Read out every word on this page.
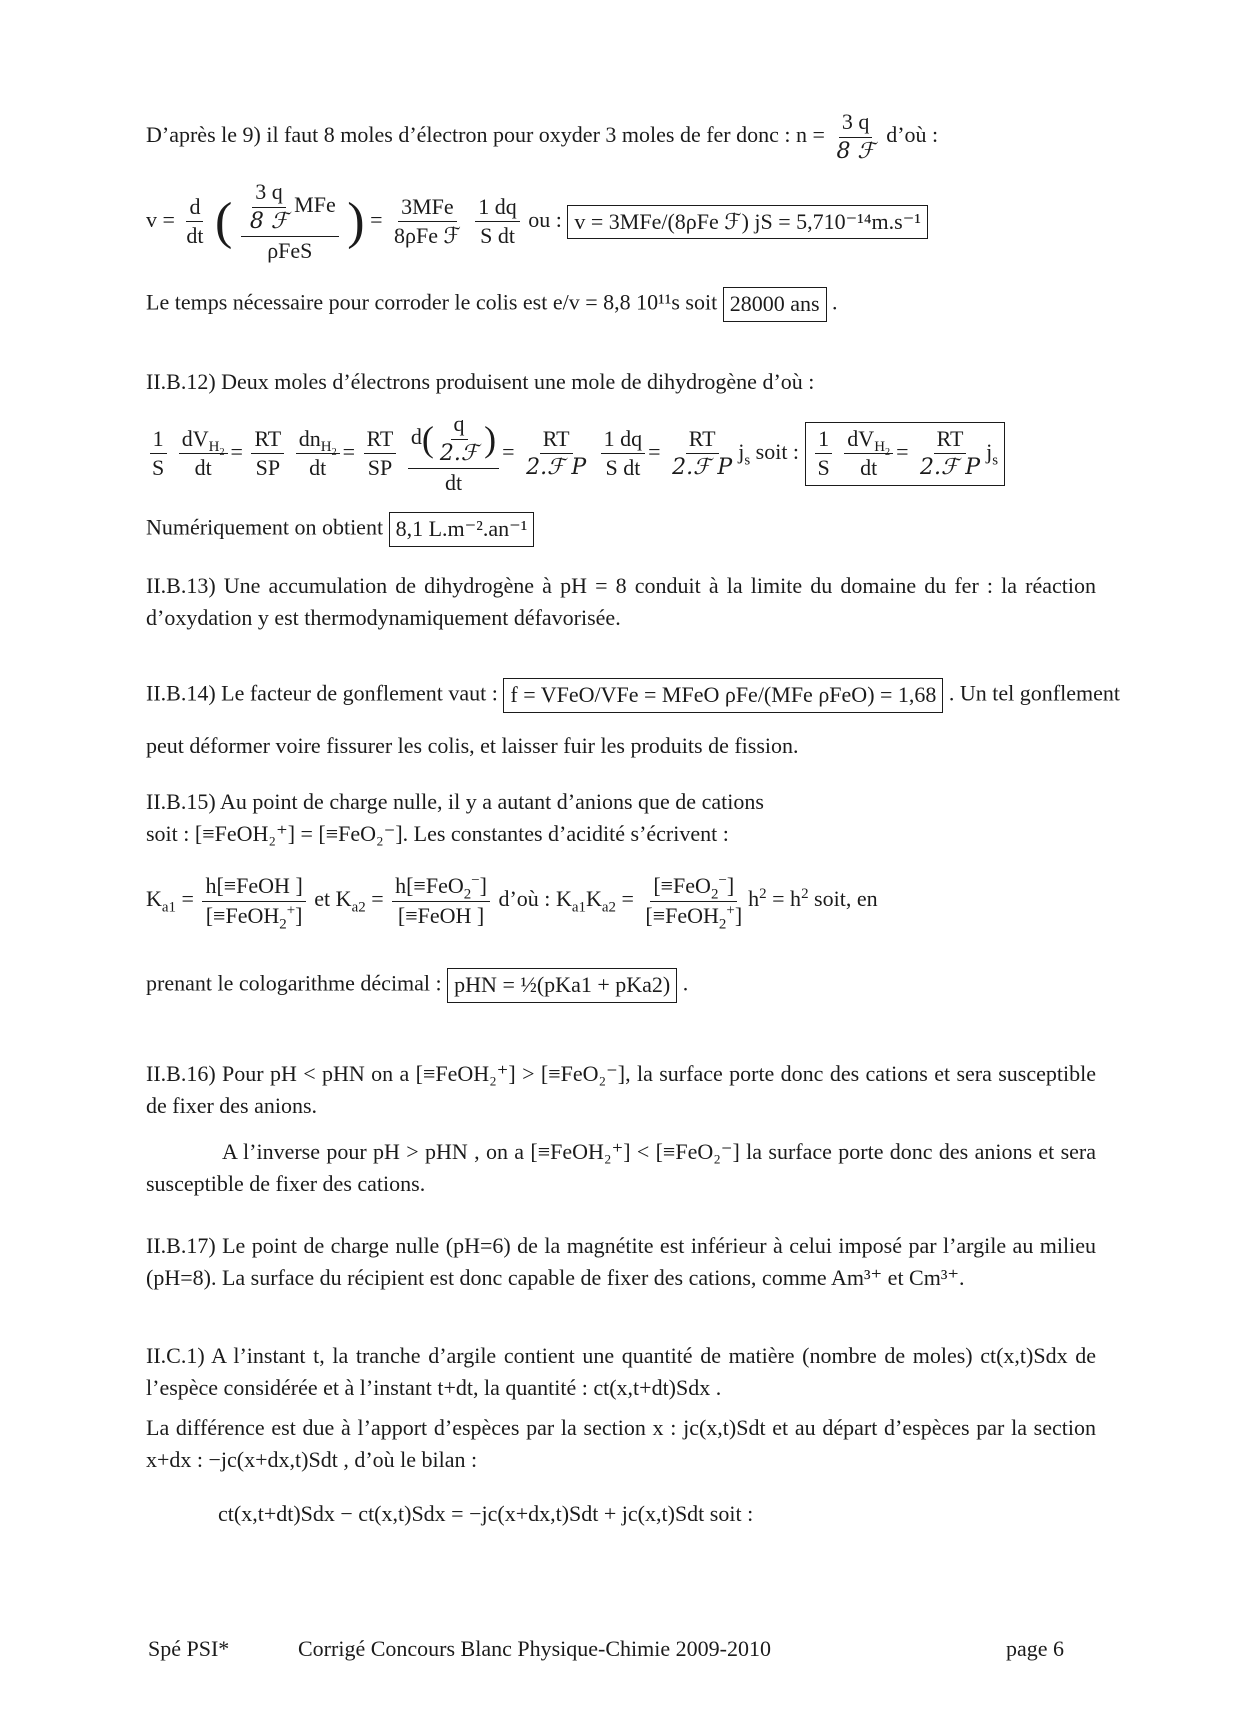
D’après le 9) il faut 8 moles d’électron pour oxyder 3 moles de fer donc : $n = \frac{3 q}{\text{8 ℱ}}$ d’où :
$v = \frac{d}{dt}$ ( $\frac{\frac{3 q}{\text{8 ℱ}} MFe}{\text{ρFeS}}$ ) = $\frac{\text{3MFe}}{\text{8ρFe ℱ}}$
$\frac{1 dq}{\text{S dt}}$ ou : v = 3MFe/(8ρFe ℱ) jS = 5,710⁻¹⁴m.s⁻¹
Le temps nécessaire pour corroder le colis est e/v = 8,8 10¹¹s soit 28000 ans .
II.B.12) Deux moles d’électrons produisent une mole de dihydrogène d’où :
$\frac{1}{S}$
$\frac{dV_{H_2}}{dt} = \frac{RT}{SP}$
$\frac{dn_{H_2}}{dt} = \frac{RT}{SP}$
$\frac{d( \frac{q}{\text{2.ℱ}} )}{dt} = \frac{RT}{\text{2.ℱ P}}$
$\frac{1 dq}{\text{S dt}} = \frac{RT}{\text{2.ℱ P}} j_s$ soit : $\frac{1}{S}$
$\frac{dV_{H_2}}{dt} = \frac{RT}{\text{2.ℱ P}} j_s$
Numériquement on obtient 8,1 L.m⁻².an⁻¹
II.B.13) Une accumulation de dihydrogène à pH = 8 conduit à la limite du domaine du fer : la réaction d’oxydation y est thermodynamiquement défavorisée.
II.B.14) Le facteur de gonflement vaut : f = VFeO/VFe = MFeO ρFe/(MFe ρFeO) = 1,68 . Un tel gonflement
peut déformer voire fissurer les colis, et laisser fuir les produits de fission.
II.B.15) Au point de charge nulle, il y a autant d’anions que de cations
soit : [≡FeOH₂⁺] = [≡FeO₂⁻]. Les constantes d’acidité s’écrivent :
$K_{a1} = \frac{\text{h[≡FeOH ]}}{[\equiv FeOH_2^+]}$ et $K_{a2} = \frac{h[\equiv FeO_2^-]}{\text{[≡FeOH ]}}$ d’où : $K_{a1}K_{a2} = \frac{[\equiv FeO_2^-]}{[\equiv FeOH_2^+]} h^2 = h^2$ soit, en
prenant le cologarithme décimal : pHN = ½(pKa1 + pKa2) .
II.B.16) Pour pH < pHN on a [≡FeOH₂⁺] > [≡FeO₂⁻], la surface porte donc des cations et sera susceptible de fixer des anions.
A l’inverse pour pH > pHN , on a [≡FeOH₂⁺] < [≡FeO₂⁻] la surface porte donc des anions et sera susceptible de fixer des cations.
II.B.17) Le point de charge nulle (pH=6) de la magnétite est inférieur à celui imposé par l’argile au milieu (pH=8). La surface du récipient est donc capable de fixer des cations, comme Am³⁺ et Cm³⁺.
II.C.1) A l’instant t, la tranche d’argile contient une quantité de matière (nombre de moles) ct(x,t)Sdx de l’espèce considérée et à l’instant t+dt, la quantité : ct(x,t+dt)Sdx .
La différence est due à l’apport d’espèces par la section x : jc(x,t)Sdt et au départ d’espèces par la section x+dx : −jc(x+dx,t)Sdt , d’où le bilan :
ct(x,t+dt)Sdx − ct(x,t)Sdx = −jc(x+dx,t)Sdt + jc(x,t)Sdt soit :
Spé PSI*	Corrigé Concours Blanc Physique-Chimie 2009-2010	page 6
